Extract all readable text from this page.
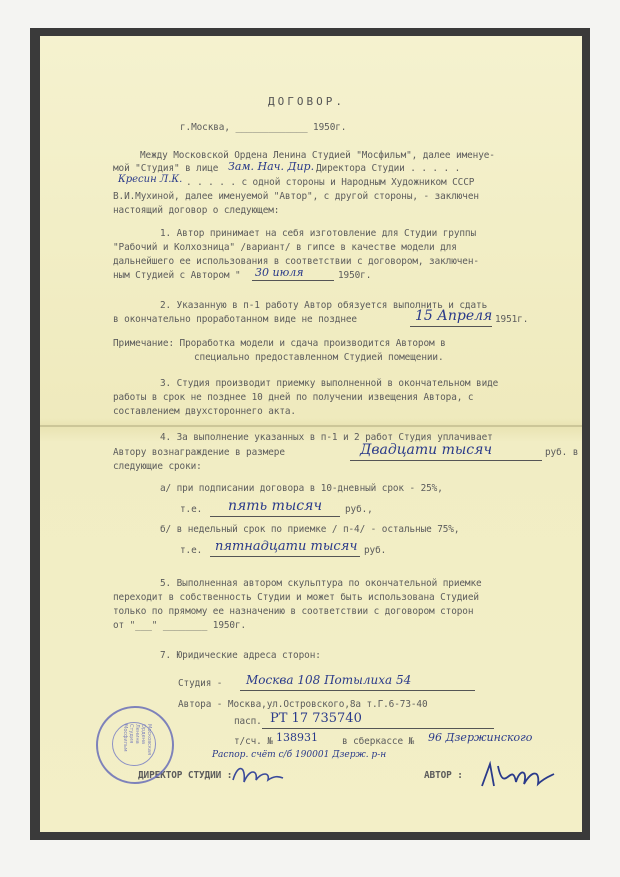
ДОГОВОР.
г.Москва, _____________ 1950г.
Между Московской Ордена Ленина Студией "Мосфильм", далее именуе-
мой "Студия" в лице Зам. Нач. Дир. Директора Студии . . . . .
Кресин Л.К. . . . . . с одной стороны и Народным Художником СССР
В.И.Мухиной, далее именуемой "Автор", с другой стороны, - заключен
настоящий договор о следующем:
1. Автор принимает на себя изготовление для Студии группы
"Рабочий и Колхозница" /вариант/ в гипсе в качестве модели для
дальнейшего ее использования в соответствии с договором, заключен-
ным Студией с Автором " 30 июля	1950г.
2. Указанную в п-1 работу Автор обязуется выполнить и сдать
в окончательно проработанном виде не позднее	15 Апреля 1951г.
Примечание: Проработка модели и сдача производится Автором в
специально предоставленном Студией помещении.
3. Студия производит приемку выполненной в окончательном виде
работы в срок не позднее 10 дней по получении извещения Автора, с
составлением двухстороннего акта.
4. За выполнение указанных в п-1 и 2 работ Студия уплачивает
Автору вознаграждение в размере	Двадцати тысяч	руб. в
следующие сроки:
а/ при подписании договора в 10-дневный срок - 25%,
т.е. пять тысяч руб.,
б/ в недельный срок по приемке / п-4/ - остальные 75%,
т.е. пятнадцати тысяч руб.
5. Выполненная автором скульптура по окончательной приемке
переходит в собственность Студии и может быть использована Студией
только по прямому ее назначению в соответствии с договором сторон
от "___" ________ 1950г.
7. Юридические адреса сторон:
Студия - Москва 108 Потылиха 54
Автора - Москва,ул.Островского,8а т.Г.6-73-40
пасп. РТ 17 735740
т/сч. № 138931	в сберкассе № 96 Дзержинского
Распор. счёт с/б 190001 Дзерж. р-н
ДИРЕКТОР СТУДИИ :	АВТОР :
Московская Ордена Ленина Студия Мосфильм
